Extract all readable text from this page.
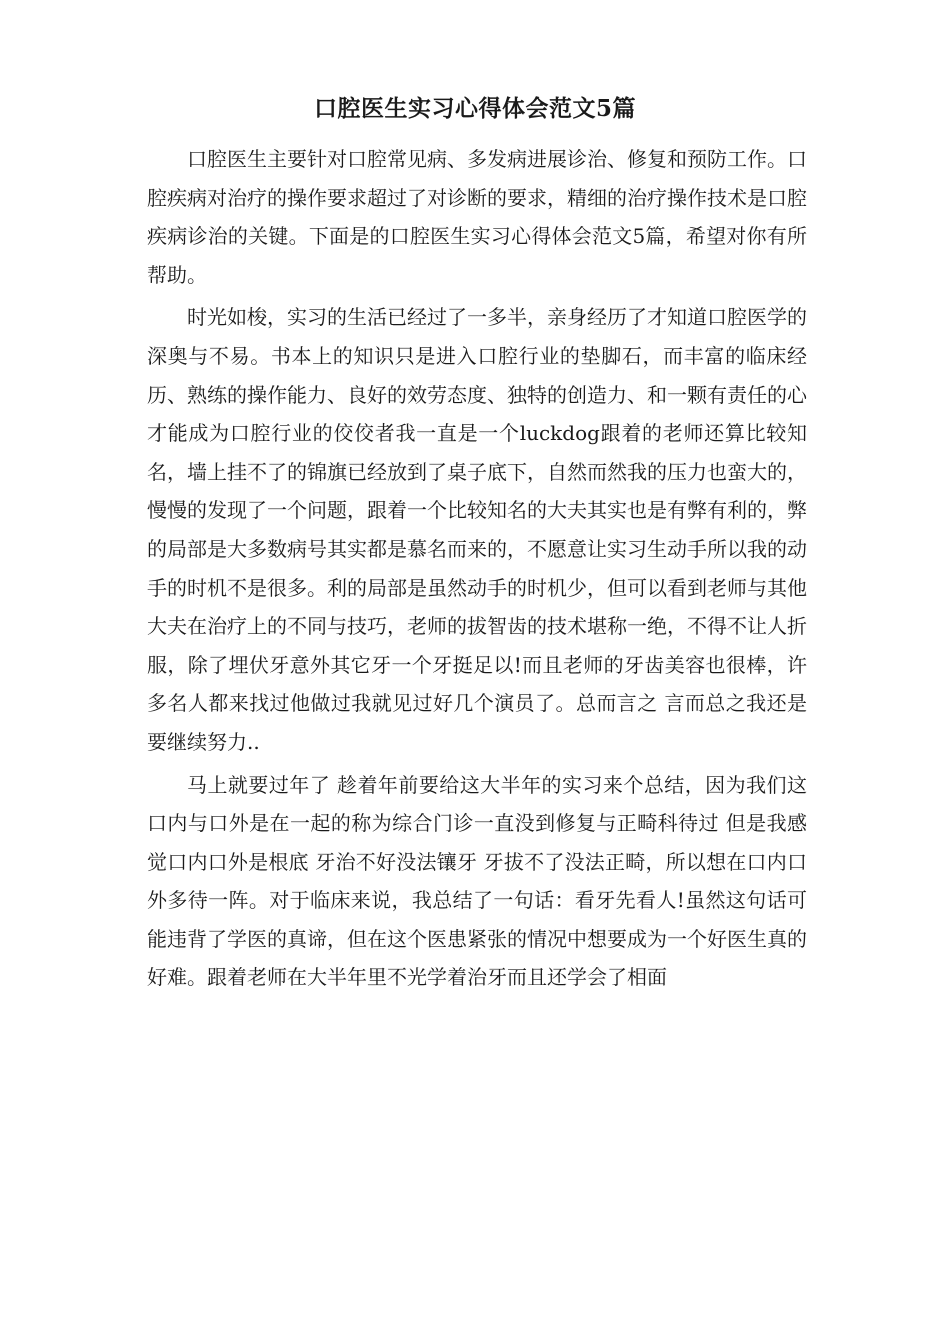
口腔医生实习心得体会范文5篇

口腔医生主要针对口腔常见病、多发病进展诊治、修复和预防工作。口腔疾病对治疗的操作要求超过了对诊断的要求，精细的治疗操作技术是口腔疾病诊治的关键。下面是的口腔医生实习心得体会范文5篇，希望对你有所帮助。

时光如梭，实习的生活已经过了一多半，亲身经历了才知道口腔医学的深奥与不易。书本上的知识只是进入口腔行业的垫脚石，而丰富的临床经历、熟练的操作能力、良好的效劳态度、独特的创造力、和一颗有责任的心才能成为口腔行业的佼佼者我一直是一个luckdog跟着的老师还算比较知名，墙上挂不了的锦旗已经放到了桌子底下，自然而然我的压力也蛮大的，慢慢的发现了一个问题，跟着一个比较知名的大夫其实也是有弊有利的，弊的局部是大多数病号其实都是慕名而来的，不愿意让实习生动手所以我的动手的时机不是很多。利的局部是虽然动手的时机少，但可以看到老师与其他大夫在治疗上的不同与技巧，老师的拔智齿的技术堪称一绝，不得不让人折服，除了埋伏牙意外其它牙一个牙挺足以!而且老师的牙齿美容也很棒，许多名人都来找过他做过我就见过好几个演员了。总而言之 言而总之我还是要继续努力..

马上就要过年了 趁着年前要给这大半年的实习来个总结，因为我们这口内与口外是在一起的称为综合门诊一直没到修复与正畸科待过 但是我感觉口内口外是根底 牙治不好没法镶牙 牙拔不了没法正畸，所以想在口内口外多待一阵。对于临床来说，我总结了一句话：看牙先看人!虽然这句话可能违背了学医的真谛，但在这个医患紧张的情况中想要成为一个好医生真的好难。跟着老师在大半年里不光学着治牙而且还学会了相面
